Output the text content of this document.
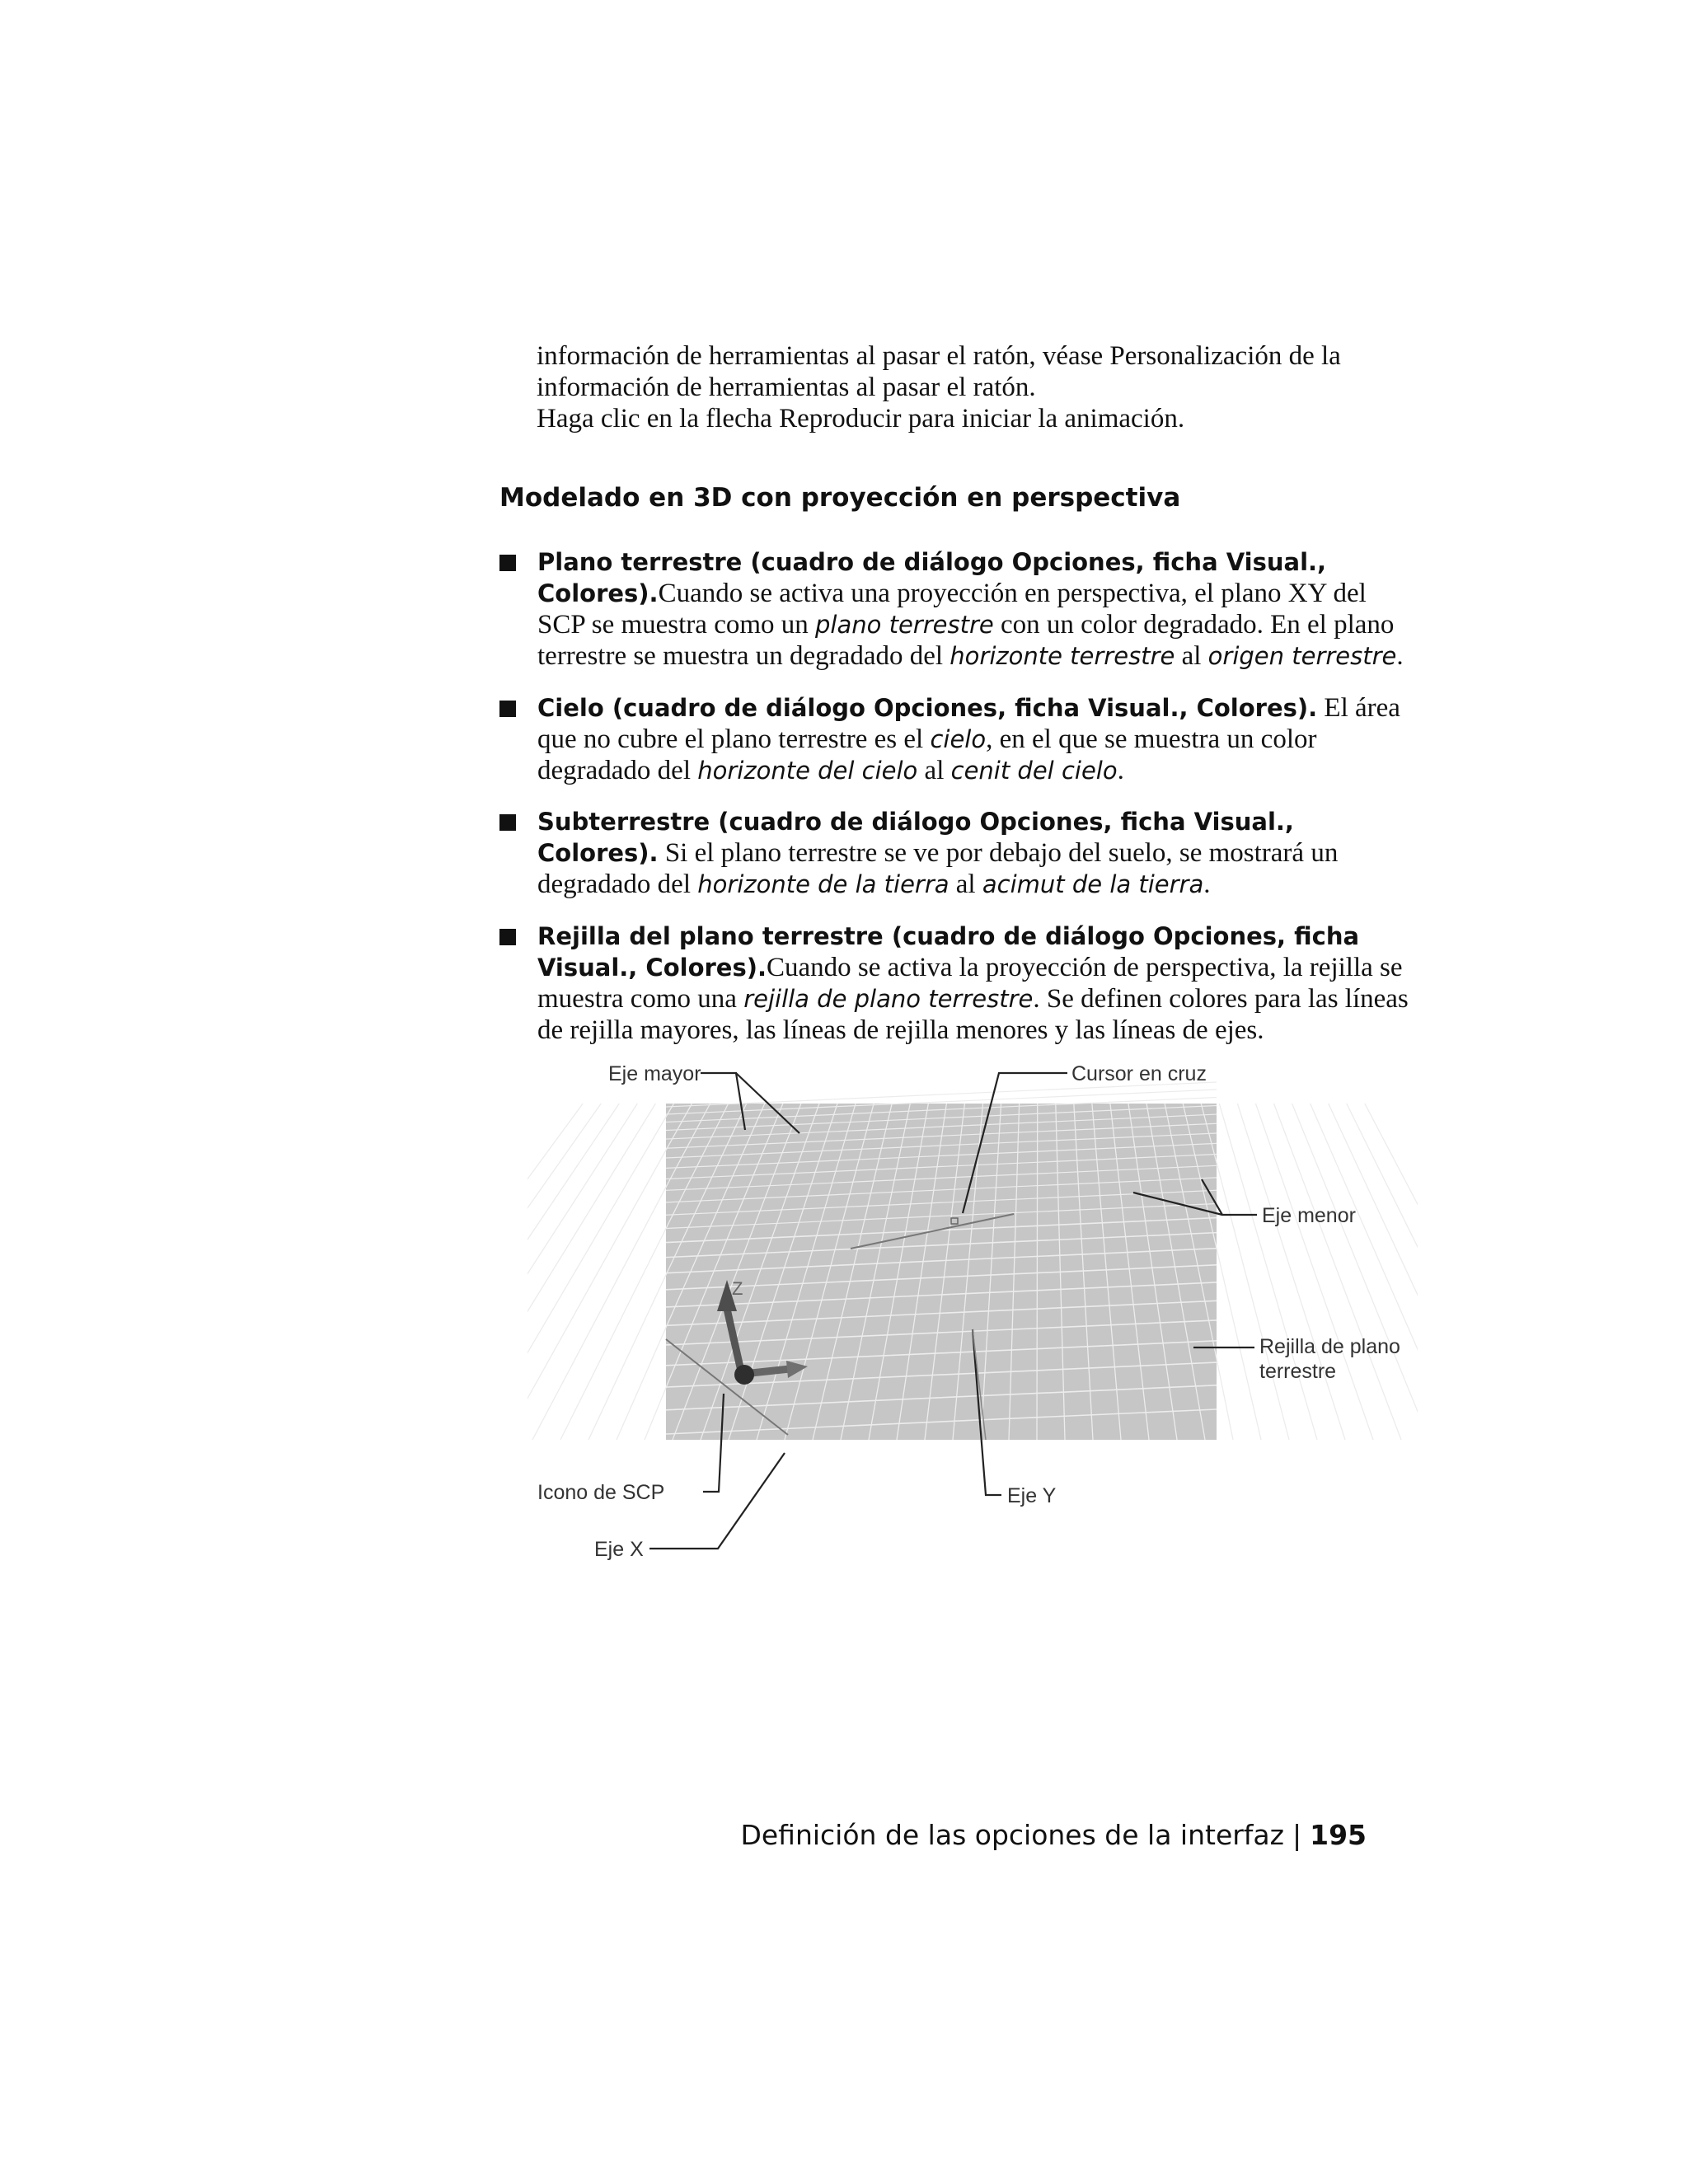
información de herramientas al pasar el ratón, véase Personalización de la

información de herramientas al pasar el ratón.

Haga clic en la flecha Reproducir para iniciar la animación.

Modelado en 3D con proyección en perspectiva
Plano terrestre (cuadro de diálogo Opciones, ficha Visual., Colores).Cuando se activa una proyección en perspectiva, el plano XY del SCP se muestra como un plano terrestre con un color degradado. En el plano terrestre se muestra un degradado del horizonte terrestre al origen terrestre.
Cielo (cuadro de diálogo Opciones, ficha Visual., Colores). El área que no cubre el plano terrestre es el cielo, en el que se muestra un color degradado del horizonte del cielo al cenit del cielo.
Subterrestre (cuadro de diálogo Opciones, ficha Visual., Colores). Si el plano terrestre se ve por debajo del suelo, se mostrará un degradado del horizonte de la tierra al acimut de la tierra.
Rejilla del plano terrestre (cuadro de diálogo Opciones, ficha Visual., Colores).Cuando se activa la proyección de perspectiva, la rejilla se muestra como una rejilla de plano terrestre. Se definen colores para las líneas de rejilla mayores, las líneas de rejilla menores y las líneas de ejes.
Z
Eje mayor	Cursor en cruz
Eje menor
Rejilla de plano
terrestre
Icono de SCP	Eje Y
Eje X

Definición de las opciones de la interfaz | 195
